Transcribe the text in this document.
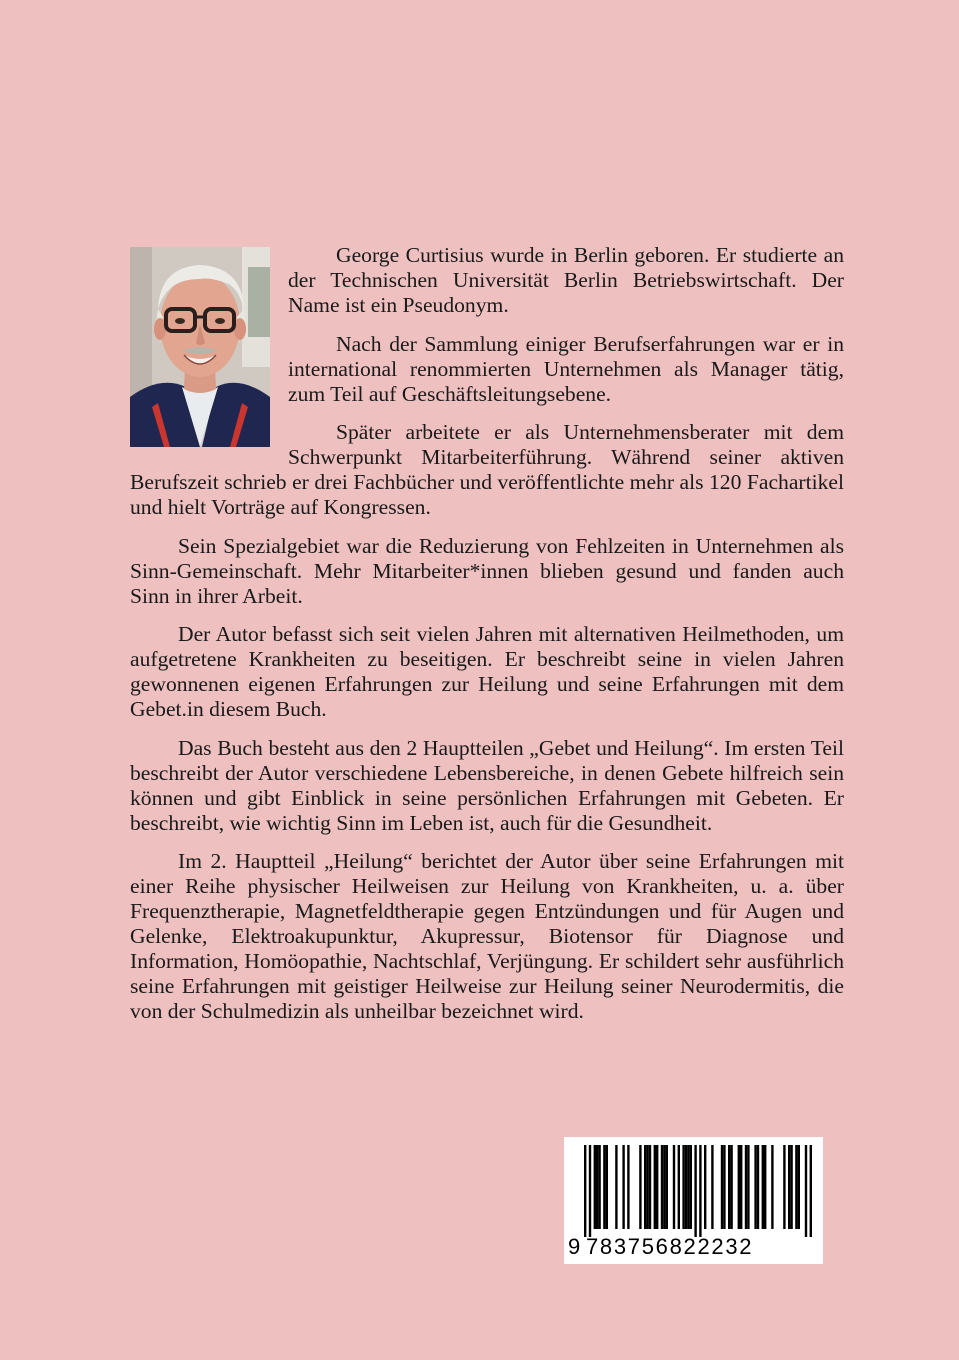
George Curtisius wurde in Berlin geboren. Er studierte an der Technischen Universität Berlin Betriebswirtschaft. Der Name ist ein Pseudonym.

Nach der Sammlung einiger Berufserfahrungen war er in international renommierten Unternehmen als Manager tätig, zum Teil auf Geschäftsleitungsebene.

Später arbeitete er als Unternehmensberater mit dem Schwerpunkt Mitarbeiterführung. Während seiner aktiven Berufszeit schrieb er drei Fachbücher und veröffentlichte mehr als 120 Fachartikel und hielt Vorträge auf Kongressen.

Sein Spezialgebiet war die Reduzierung von Fehlzeiten in Unternehmen als Sinn-Gemeinschaft. Mehr Mitarbeiter*innen blieben gesund und fanden auch Sinn in ihrer Arbeit.

Der Autor befasst sich seit vielen Jahren mit alternativen Heilmethoden, um aufgetretene Krankheiten zu beseitigen. Er beschreibt seine in vielen Jahren gewonnenen eigenen Erfahrungen zur Heilung und seine Erfahrungen mit dem Gebet.in diesem Buch.

Das Buch besteht aus den 2 Hauptteilen „Gebet und Heilung“. Im ersten Teil beschreibt der Autor verschiedene Lebensbereiche, in denen Gebete hilfreich sein können und gibt Einblick in seine persönlichen Erfahrungen mit Gebeten. Er beschreibt, wie wichtig Sinn im Leben ist, auch für die Gesundheit.

Im 2. Hauptteil „Heilung“ berichtet der Autor über seine Erfahrungen mit einer Reihe physischer Heilweisen zur Heilung von Krankheiten, u. a. über Frequenztherapie, Magnetfeldtherapie gegen Entzündungen und für Augen und Gelenke, Elektroakupunktur, Akupressur, Biotensor für Diagnose und Information, Homöopathie, Nachtschlaf, Verjüngung. Er schildert sehr ausführlich seine Erfahrungen mit geistiger Heilweise zur Heilung seiner Neurodermitis, die von der Schulmedizin als unheilbar bezeichnet wird.

9 783756822232
